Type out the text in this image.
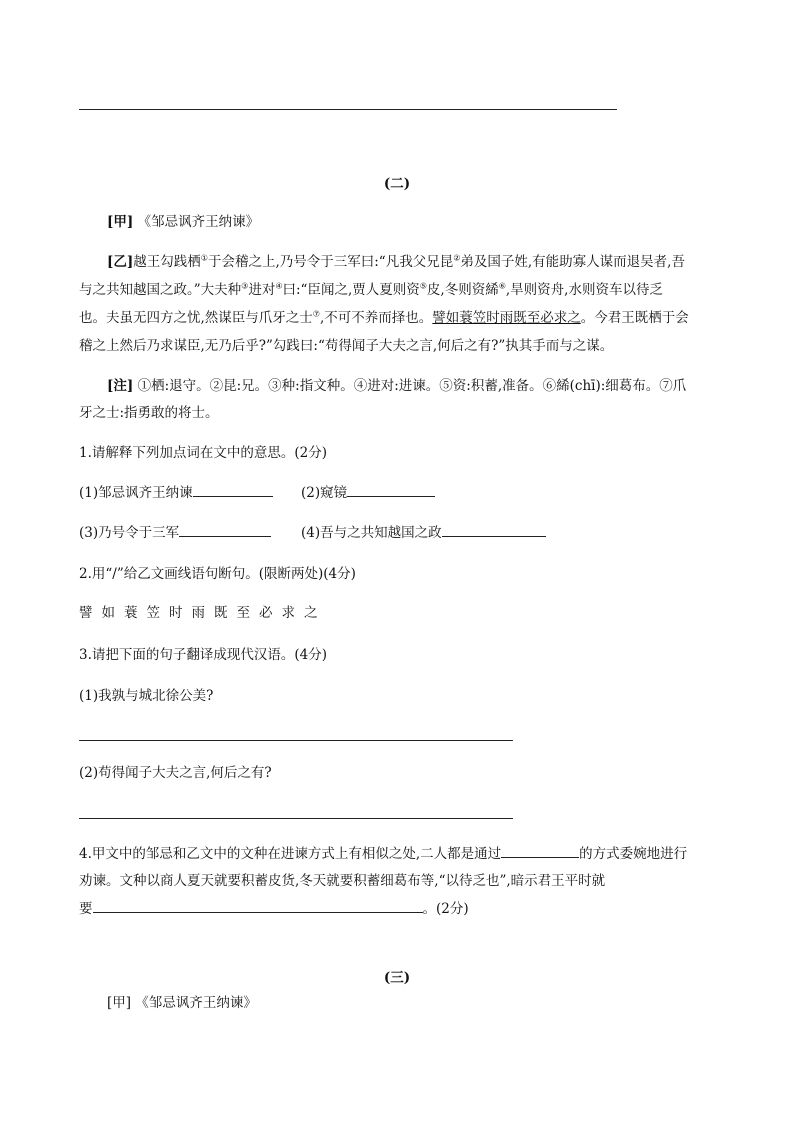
(二)
[甲] 《邹忌讽齐王纳谏》
[乙]越王勾践栖①于会稽之上,乃号令于三军曰:“凡我父兄昆②弟及国子姓,有能助寡人谋而退吴者,吾
与之共知越国之政。”大夫种③进对④曰:“臣闻之,贾人夏则资⑤皮,冬则资絺⑥,旱则资舟,水则资车以待乏
也。夫虽无四方之忧,然谋臣与爪牙之士⑦,不可不养而择也。譬如蓑笠时雨既至必求之。今君王既栖于会
稽之上然后乃求谋臣,无乃后乎?”勾践曰:“苟得闻子大夫之言,何后之有?”执其手而与之谋。
[注] ①栖:退守。②昆:兄。③种:指文种。④进对:进谏。⑤资:积蓄,准备。⑥絺(chī):细葛布。⑦爪
牙之士:指勇敢的将士。
1.请解释下列加点词在文中的意思。(2分)
(1)邹忌讽齐王纳谏	(2)窥镜
(3)乃号令于三军	(4)吾与之共知越国之政
2.用“/”给乙文画线语句断句。(限断两处)(4分)
譬如蓑笠时雨既至必求之
3.请把下面的句子翻译成现代汉语。(4分)
(1)我孰与城北徐公美?
(2)苟得闻子大夫之言,何后之有?
4.甲文中的邹忌和乙文中的文种在进谏方式上有相似之处,二人都是通过	的方式委婉地进行
劝谏。文种以商人夏天就要积蓄皮货,冬天就要积蓄细葛布等,“以待乏也”,暗示君王平时就
要	。(2分)
(三)
[甲] 《邹忌讽齐王纳谏》
